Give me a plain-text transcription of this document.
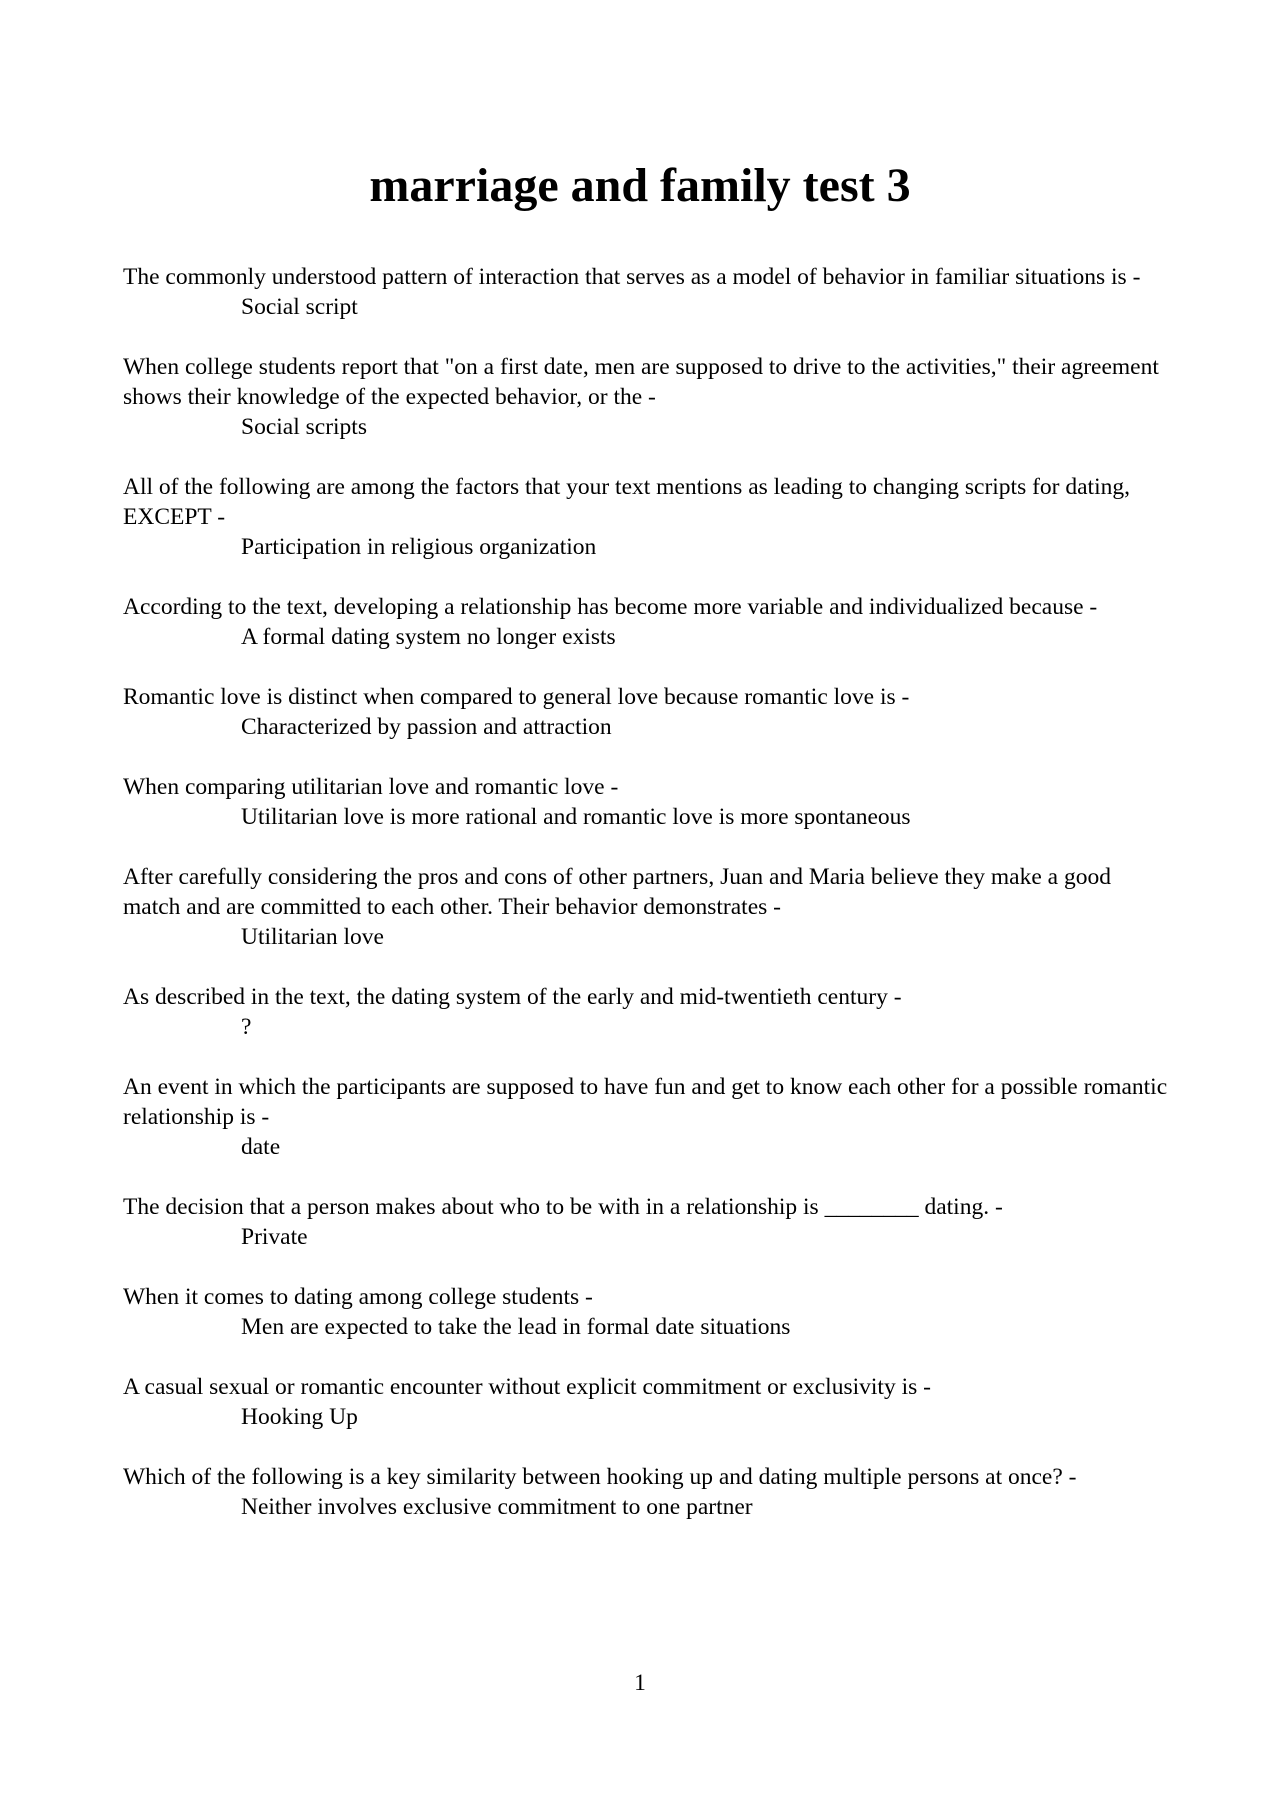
marriage and family test 3

The commonly understood pattern of interaction that serves as a model of behavior in familiar situations is -

Social script

When college students report that "on a first date, men are supposed to drive to the activities," their agreement shows their knowledge of the expected behavior, or the -

Social scripts

All of the following are among the factors that your text mentions as leading to changing scripts for dating, EXCEPT -

Participation in religious organization

According to the text, developing a relationship has become more variable and individualized because -

A formal dating system no longer exists

Romantic love is distinct when compared to general love because romantic love is -

Characterized by passion and attraction

When comparing utilitarian love and romantic love -

Utilitarian love is more rational and romantic love is more spontaneous

After carefully considering the pros and cons of other partners, Juan and Maria believe they make a good match and are committed to each other. Their behavior demonstrates -

Utilitarian love

As described in the text, the dating system of the early and mid-twentieth century -

?

An event in which the participants are supposed to have fun and get to know each other for a possible romantic relationship is -

date

The decision that a person makes about who to be with in a relationship is ________ dating. -

Private

When it comes to dating among college students -

Men are expected to take the lead in formal date situations

A casual sexual or romantic encounter without explicit commitment or exclusivity is -

Hooking Up

Which of the following is a key similarity between hooking up and dating multiple persons at once? -

Neither involves exclusive commitment to one partner

1
